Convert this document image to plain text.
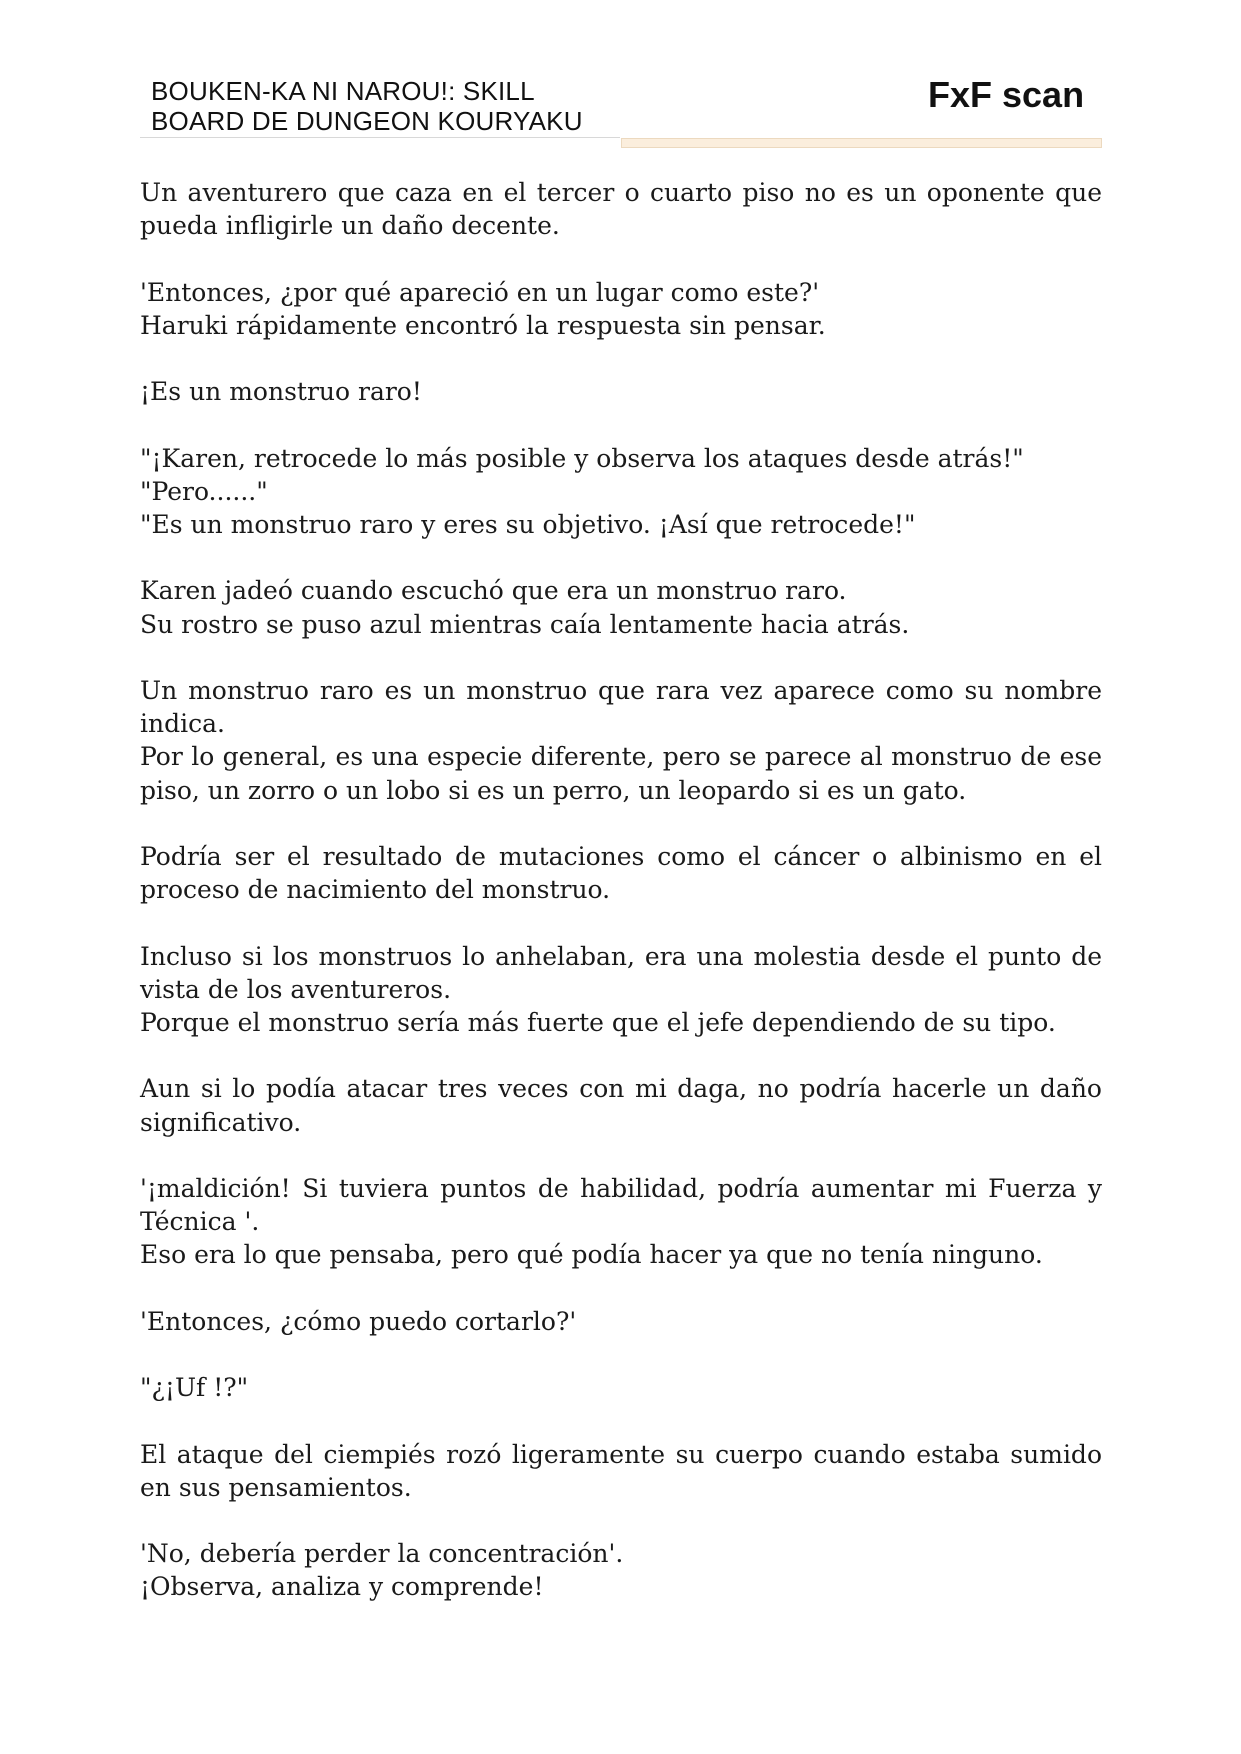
BOUKEN-KA NI NAROU!: SKILL
BOARD DE DUNGEON KOURYAKU
FxF scan
Un aventurero que caza en el tercer o cuarto piso no es un oponente que
pueda infligirle un daño decente.
'Entonces, ¿por qué apareció en un lugar como este?'
Haruki rápidamente encontró la respuesta sin pensar.
¡Es un monstruo raro!
"¡Karen, retrocede lo más posible y observa los ataques desde atrás!"
"Pero......"
"Es un monstruo raro y eres su objetivo. ¡Así que retrocede!"
Karen jadeó cuando escuchó que era un monstruo raro.
Su rostro se puso azul mientras caía lentamente hacia atrás.
Un monstruo raro es un monstruo que rara vez aparece como su nombre
indica.
Por lo general, es una especie diferente, pero se parece al monstruo de ese
piso, un zorro o un lobo si es un perro, un leopardo si es un gato.
Podría ser el resultado de mutaciones como el cáncer o albinismo en el
proceso de nacimiento del monstruo.
Incluso si los monstruos lo anhelaban, era una molestia desde el punto de
vista de los aventureros.
Porque el monstruo sería más fuerte que el jefe dependiendo de su tipo.
Aun si lo podía atacar tres veces con mi daga, no podría hacerle un daño
significativo.
'¡maldición! Si tuviera puntos de habilidad, podría aumentar mi Fuerza y
Técnica '.
Eso era lo que pensaba, pero qué podía hacer ya que no tenía ninguno.
'Entonces, ¿cómo puedo cortarlo?'
"¿¡Uf !?"
El ataque del ciempiés rozó ligeramente su cuerpo cuando estaba sumido
en sus pensamientos.
'No, debería perder la concentración'.
¡Observa, analiza y comprende!
